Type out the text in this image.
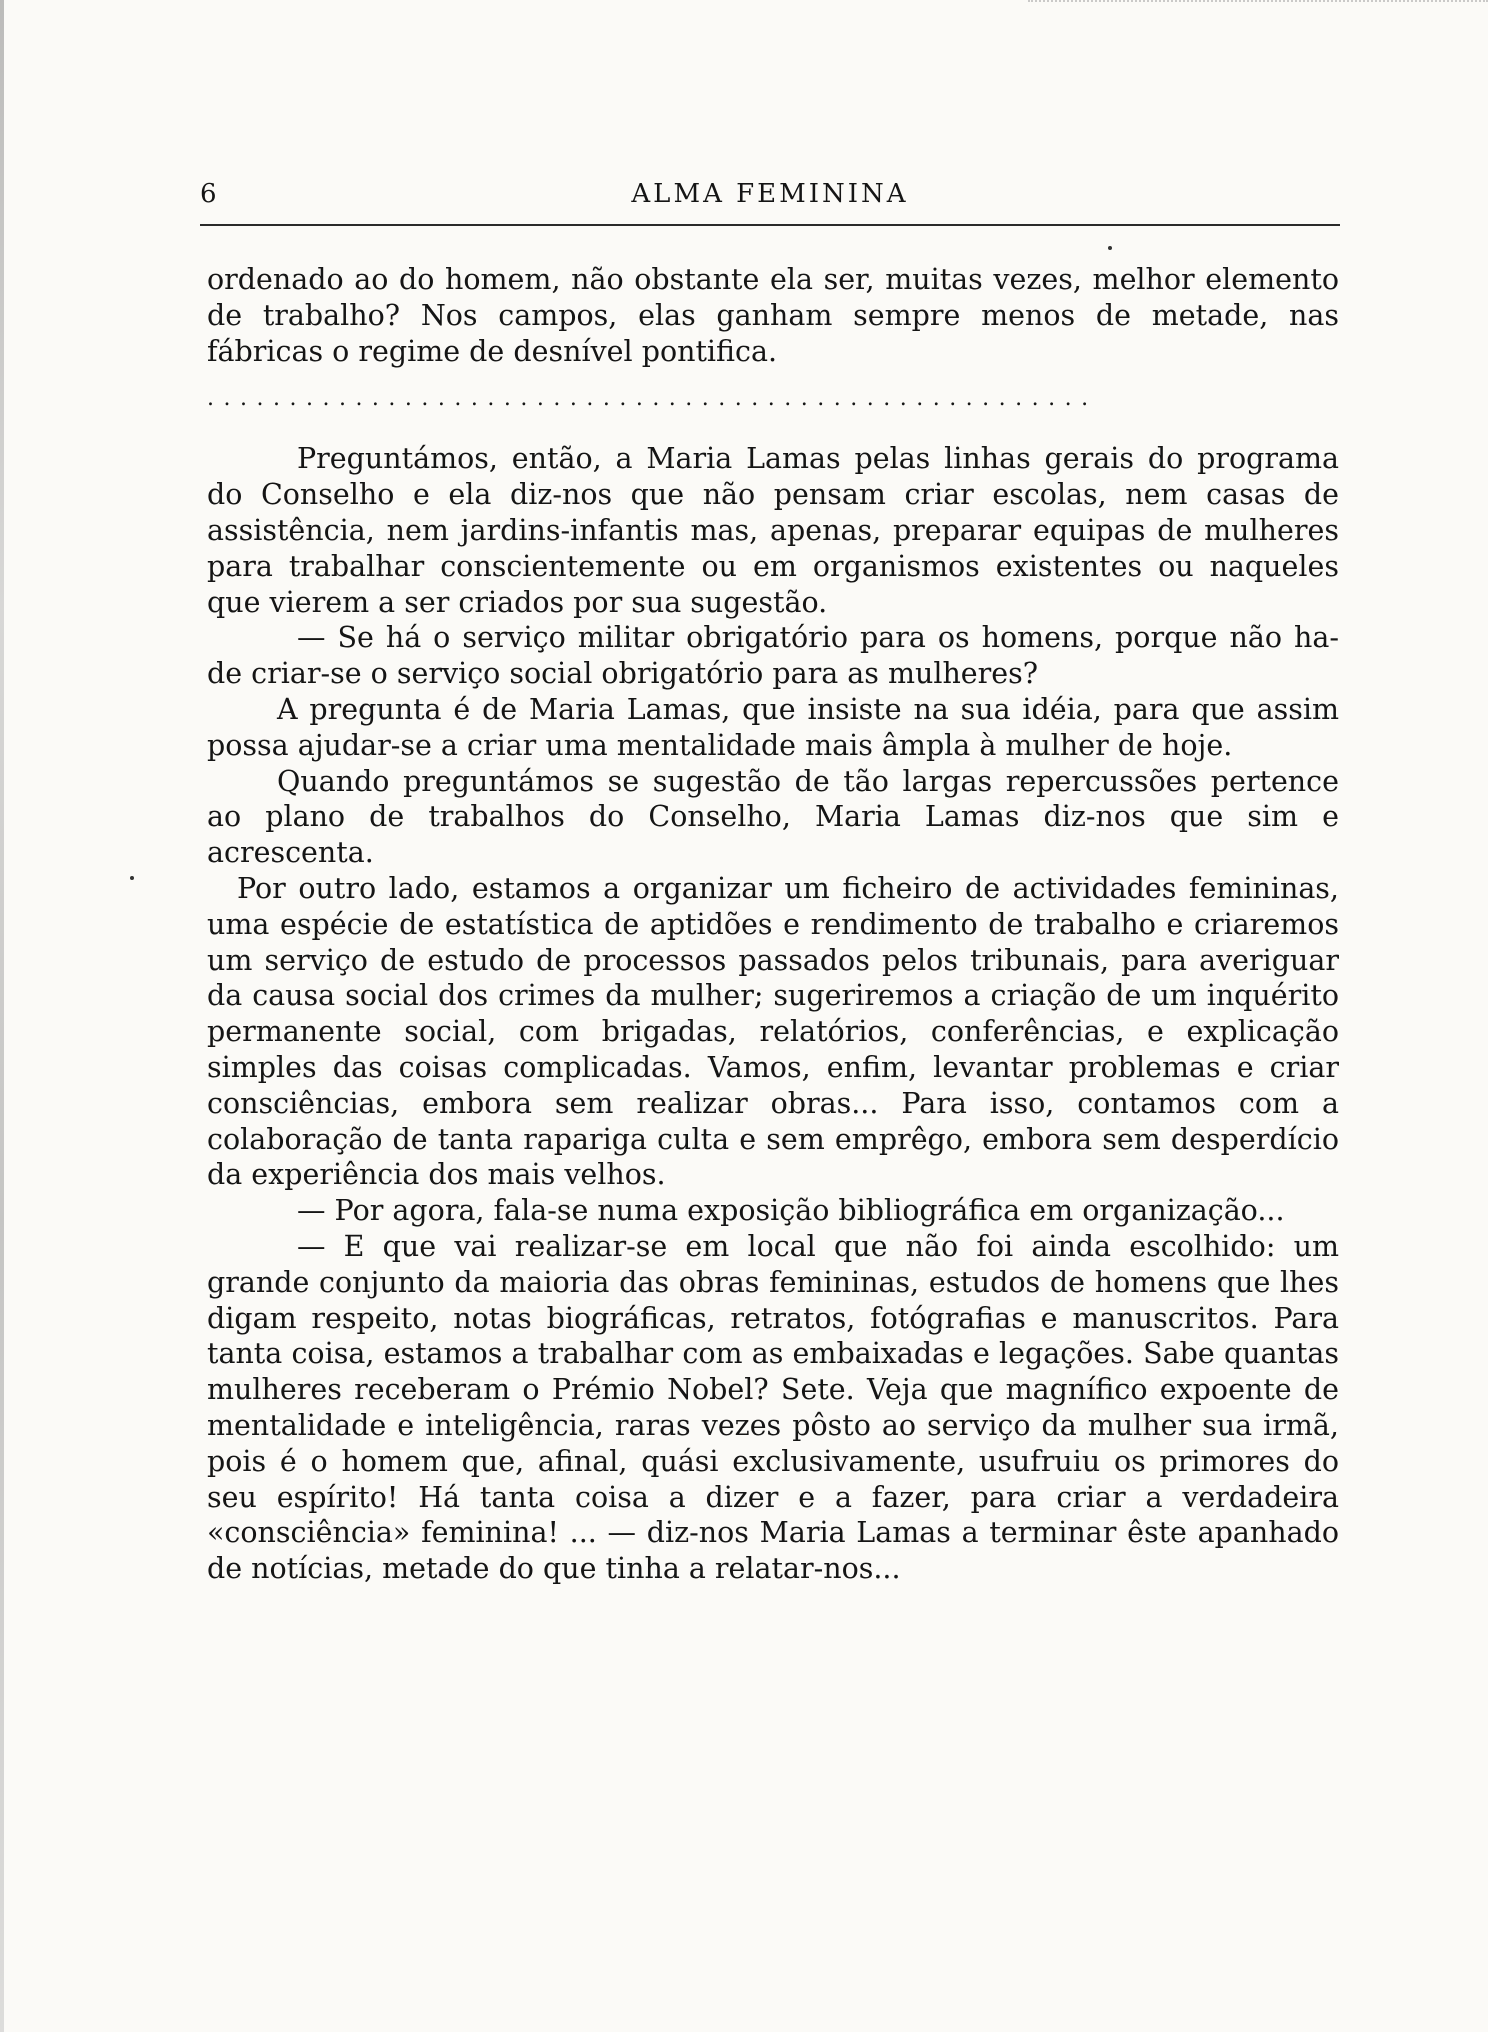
6	ALMA FEMININA

ordenado ao do homem, não obstante ela ser, muitas vezes, melhor elemento de trabalho? Nos campos, elas ganham sempre menos de metade, nas fábricas o regime de desnível pontifica.

......................................................

Preguntámos, então, a Maria Lamas pelas linhas gerais do programa do Conselho e ela diz-nos que não pensam criar escolas, nem casas de assistência, nem jardins-infantis mas, apenas, preparar equipas de mulheres para trabalhar conscientemente ou em organismos existentes ou naqueles que vierem a ser criados por sua sugestão.

— Se há o serviço militar obrigatório para os homens, porque não ha-de criar-se o serviço social obrigatório para as mulheres?

A pregunta é de Maria Lamas, que insiste na sua idéia, para que assim possa ajudar-se a criar uma mentalidade mais âmpla à mulher de hoje.

Quando preguntámos se sugestão de tão largas repercussões pertence ao plano de trabalhos do Conselho, Maria Lamas diz-nos que sim e acrescenta.

Por outro lado, estamos a organizar um ficheiro de actividades femininas, uma espécie de estatística de aptidões e rendimento de trabalho e criaremos um serviço de estudo de processos passados pelos tribunais, para averiguar da causa social dos crimes da mulher; sugeriremos a criação de um inquérito permanente social, com brigadas, relatórios, conferências, e explicação simples das coisas complicadas. Vamos, enfim, levantar problemas e criar consciências, embora sem realizar obras... Para isso, contamos com a colaboração de tanta rapariga culta e sem emprêgo, embora sem desperdício da experiência dos mais velhos.

— Por agora, fala-se numa exposição bibliográfica em organização...

— E que vai realizar-se em local que não foi ainda escolhido: um grande conjunto da maioria das obras femininas, estudos de homens que lhes digam respeito, notas biográficas, retratos, fotógrafias e manuscritos. Para tanta coisa, estamos a trabalhar com as embaixadas e legações. Sabe quantas mulheres receberam o Prémio Nobel? Sete. Veja que magnífico expoente de mentalidade e inteligência, raras vezes pôsto ao serviço da mulher sua irmã, pois é o homem que, afinal, quási exclusivamente, usufruiu os primores do seu espírito! Há tanta coisa a dizer e a fazer, para criar a verdadeira «consciência» feminina! ... — diz-nos Maria Lamas a terminar êste apanhado de notícias, metade do que tinha a relatar-nos...
